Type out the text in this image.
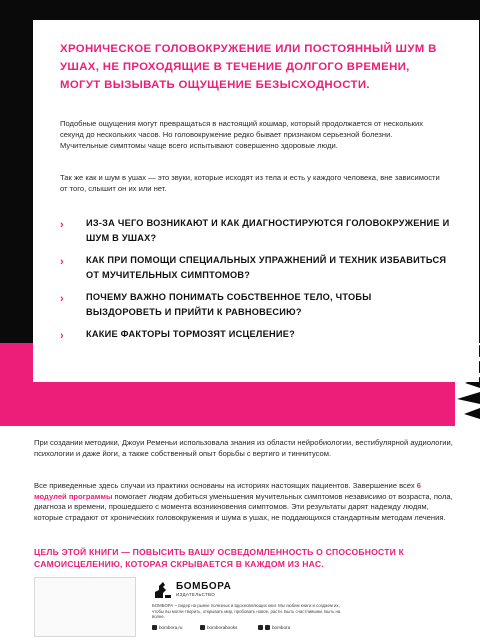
ХРОНИЧЕСКОЕ ГОЛОВОКРУЖЕНИЕ ИЛИ ПОСТОЯННЫЙ ШУМ В УШАХ, НЕ ПРОХОДЯЩИЕ В ТЕЧЕНИЕ ДОЛГОГО ВРЕМЕНИ, МОГУТ ВЫЗЫВАТЬ ОЩУЩЕНИЕ БЕЗЫСХОДНОСТИ.

Подобные ощущения могут превращаться в настоящий кошмар, который продолжается от нескольких секунд до нескольких часов. Но головокружение редко бывает признаком серьезной болезни. Мучительные симптомы чаще всего испытывают совершенно здоровые люди.

Так же как и шум в ушах — это звуки, которые исходят из тела и есть у каждого человека, вне зависимости от того, слышит он их или нет.

› ИЗ-ЗА ЧЕГО ВОЗНИКАЮТ И КАК ДИАГНОСТИРУЮТСЯ ГОЛОВОКРУЖЕНИЕ И ШУМ В УШАХ?
› КАК ПРИ ПОМОЩИ СПЕЦИАЛЬНЫХ УПРАЖНЕНИЙ И ТЕХНИК ИЗБАВИТЬСЯ ОТ МУЧИТЕЛЬНЫХ СИМПТОМОВ?
› ПОЧЕМУ ВАЖНО ПОНИМАТЬ СОБСТВЕННОЕ ТЕЛО, ЧТОБЫ ВЫЗДОРОВЕТЬ И ПРИЙТИ К РАВНОВЕСИЮ?
› КАКИЕ ФАКТОРЫ ТОРМОЗЯТ ИСЦЕЛЕНИЕ?

При создании методики, Джоуи Ременьи использовала знания из области нейробиологии, вестибулярной аудиологии, психологии и даже йоги, а также собственный опыт борьбы с вертиго и тиннитусом.

Все приведенные здесь случаи из практики основаны на историях настоящих пациентов. Завершение всех 6 модулей программы помогает людям добиться уменьшения мучительных симптомов независимо от возраста, пола, диагноза и времени, прошедшего с момента возникновения симптомов. Эти результаты дарят надежду людям, которые страдают от хронических головокружения и шума в ушах, не поддающихся стандартным методам лечения.

ЦЕЛЬ ЭТОЙ КНИГИ — ПОВЫСИТЬ ВАШУ ОСВЕДОМЛЕННОСТЬ О СПОСОБНОСТИ К САМОИСЦЕЛЕНИЮ, КОТОРАЯ СКРЫВАЕТСЯ В КАЖДОМ ИЗ НАС.

БОМБОРА
ИЗДАТЕЛЬСТВО

БОМБОРА – лидер на рынке полезных и вдохновляющих книг. Мы любим книги и создаем их, чтобы вы могли творить, открывать мир, пробовать новое, расти. Быть счастливыми. Быть на волне.

bombora.ru	bomborabooks	bombora
